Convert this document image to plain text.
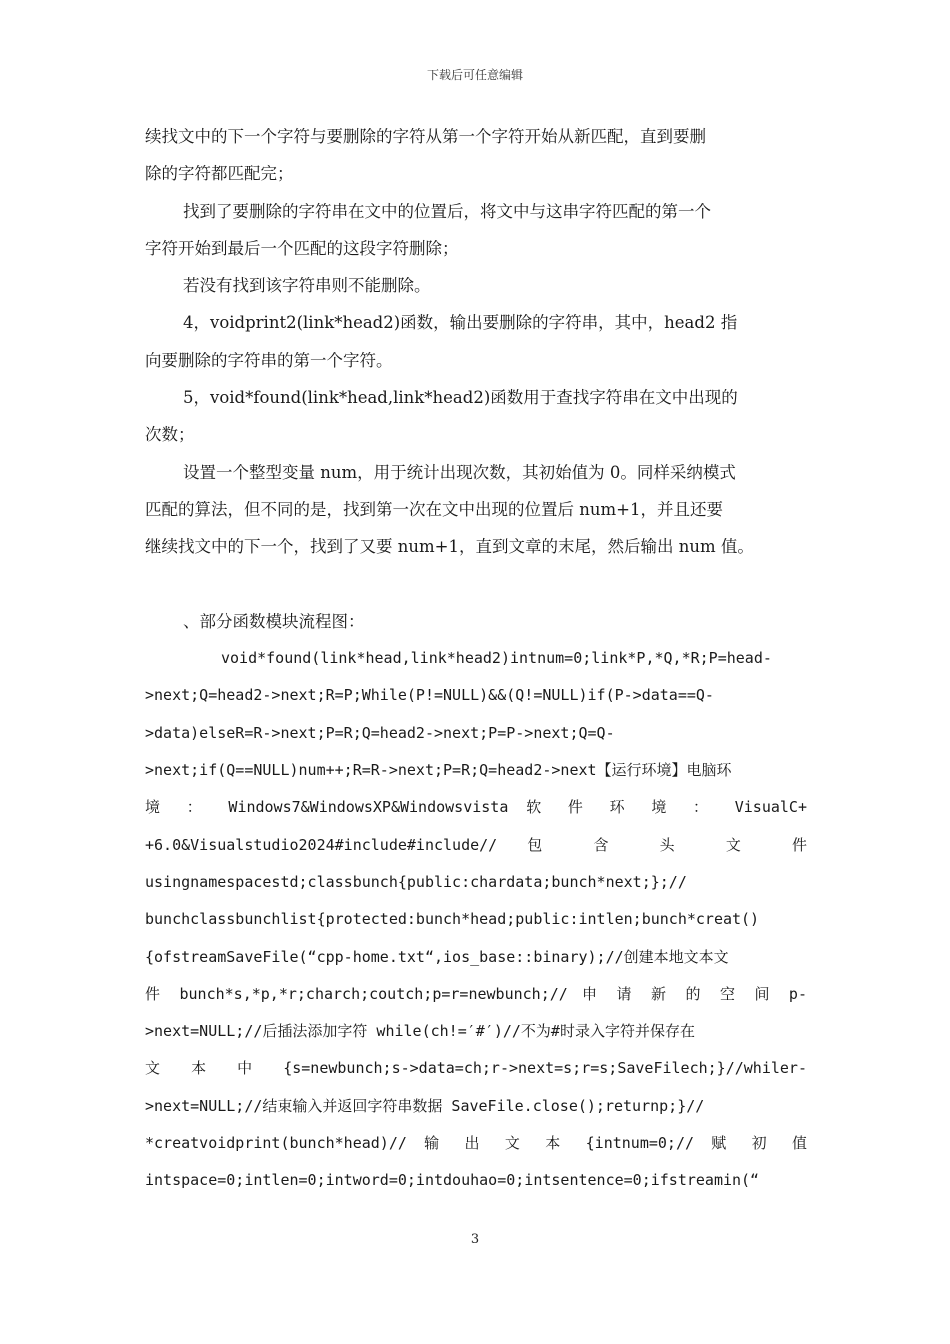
下载后可任意编辑
续找文中的下一个字符与要删除的字符从第一个字符开始从新匹配，直到要删
除的字符都匹配完；
找到了要删除的字符串在文中的位置后，将文中与这串字符匹配的第一个
字符开始到最后一个匹配的这段字符删除；
若没有找到该字符串则不能删除。
4，voidprint2(link*head2)函数，输出要删除的字符串，其中，head2 指
向要删除的字符串的第一个字符。
5，void*found(link*head,link*head2)函数用于查找字符串在文中出现的
次数；
设置一个整型变量 num，用于统计出现次数，其初始值为 0。同样采纳模式
匹配的算法，但不同的是，找到第一次在文中出现的位置后 num+1，并且还要
继续找文中的下一个，找到了又要 num+1，直到文章的末尾，然后输出 num 值。
、部分函数模块流程图：
void*found(link*head,link*head2)intnum=0;link*P,*Q,*R;P=head-
>next;Q=head2->next;R=P;While(P!=NULL)&&(Q!=NULL)if(P->data==Q-
>data)elseR=R->next;P=R;Q=head2->next;P=P->next;Q=Q-
>next;if(Q==NULL)num++;R=R->next;P=R;Q=head2->next【运行环境】电脑环
境 ： Windows7&WindowsXP&Windowsvista 软 件 环 境 ： VisualC+
+6.0&Visualstudio2024#include#include// 包 含 头 文 件
usingnamespacestd;classbunch{public:chardata;bunch*next;};//
bunchclassbunchlist{protected:bunch*head;public:intlen;bunch*creat()
{ofstreamSaveFile(“cpp-home.txt“,ios_base::binary);//创建本地文本文
件 bunch*s,*p,*r;charch;coutch;p=r=newbunch;// 申 请 新 的 空 间 p-
>next=NULL;//后插法添加字符 while(ch!=′#′)//不为#时录入字符并保存在
文 本 中 {s=newbunch;s->data=ch;r->next=s;r=s;SaveFilech;}//whiler-
>next=NULL;//结束输入并返回字符串数据 SaveFile.close();returnp;}//
*creatvoidprint(bunch*head)// 输 出 文 本 {intnum=0;// 赋 初 值
intspace=0;intlen=0;intword=0;intdouhao=0;intsentence=0;ifstreamin(“
3
